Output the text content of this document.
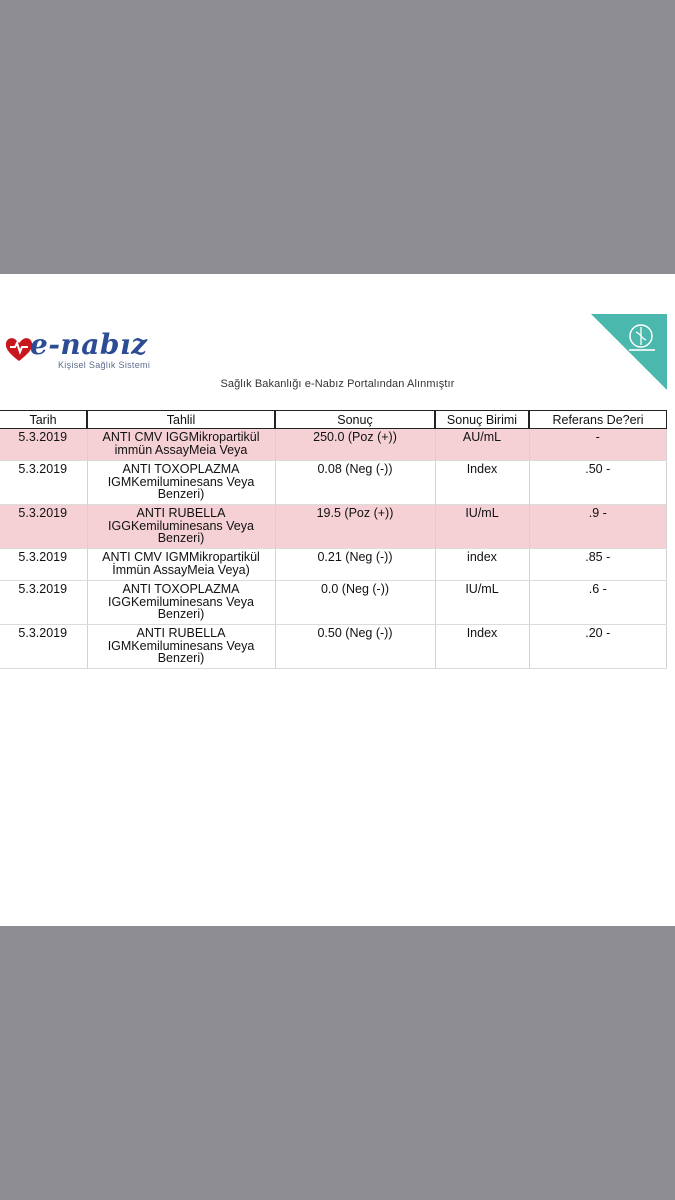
e-nabız
Kişisel Sağlık Sistemi
Sağlık Bakanlığı e-Nabız Portalından Alınmıştır
Tarih	Tahlil	Sonuç	Sonuç Birimi	Referans De?eri
5.3.2019	ANTI CMV IGGMikropartikül
immün AssayMeia Veya	250.0 (Poz (+))	AU/mL	-
5.3.2019	ANTI TOXOPLAZMA
IGMKemiluminesans Veya
Benzeri)	0.08 (Neg (-))	Index	.50 -
5.3.2019	ANTI RUBELLA
IGGKemiluminesans Veya
Benzeri)	19.5 (Poz (+))	IU/mL	.9 -
5.3.2019	ANTI CMV IGMMikropartikül
İmmün AssayMeia Veya)	0.21 (Neg (-))	index	.85 -
5.3.2019	ANTI TOXOPLAZMA
IGGKemiluminesans Veya
Benzeri)	0.0 (Neg (-))	IU/mL	.6 -
5.3.2019	ANTI RUBELLA
IGMKemiluminesans Veya
Benzeri)	0.50 (Neg (-))	Index	.20 -
